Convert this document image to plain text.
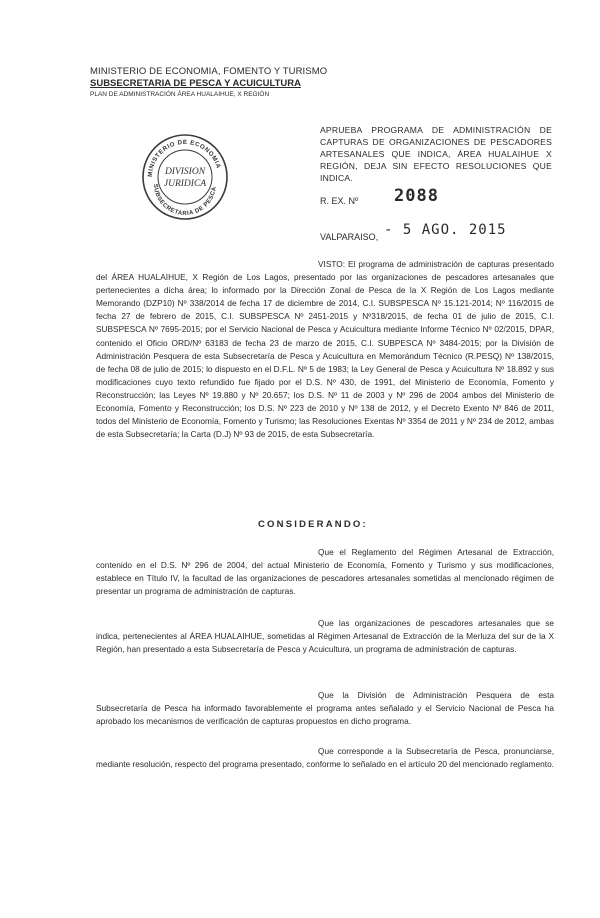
MINISTERIO DE ECONOMIA, FOMENTO Y TURISMO
SUBSECRETARIA DE PESCA Y ACUICULTURA
PLAN DE ADMINISTRACIÓN ÁREA HUALAIHUE, X REGIÓN
MINISTERIO DE ECONOMIA
SUBSECRETARIA DE PESCA
DIVISION
JURIDICA
APRUEBA PROGRAMA DE ADMINISTRACIÓN DE CAPTURAS DE ORGANIZACIONES DE PESCADORES ARTESANALES QUE INDICA, ÁREA HUALAIHUE X REGIÓN, DEJA SIN EFECTO RESOLUCIONES QUE INDICA.
R. EX. Nº 2088
VALPARAISO, - 5 AGO. 2015
VISTO: El programa de administración de capturas presentado del ÁREA HUALAIHUE, X Región de Los Lagos, presentado por las organizaciones de pescadores artesanales que pertenecientes a dicha área; lo informado por la Dirección Zonal de Pesca de la X Región de Los Lagos mediante Memorando (DZP10) Nº 338/2014 de fecha 17 de diciembre de 2014, C.I. SUBSPESCA Nº 15.121-2014; Nº 116/2015 de fecha 27 de febrero de 2015, C.I. SUBSPESCA Nº 2451-2015 y Nº318/2015, de fecha 01 de julio de 2015, C.I. SUBSPESCA Nº 7695-2015; por el Servicio Nacional de Pesca y Acuicultura mediante Informe Técnico Nº 02/2015, DPAR, contenido el Oficio ORD/Nº 63183 de fecha 23 de marzo de 2015, C.I. SUBPESCA Nº 3484-2015; por la División de Administración Pesquera de esta Subsecretaría de Pesca y Acuicultura en Memorándum Técnico (R.PESQ) Nº 138/2015, de fecha 08 de julio de 2015; lo dispuesto en el D.F.L. Nº 5 de 1983; la Ley General de Pesca y Acuicultura Nº 18.892 y sus modificaciones cuyo texto refundido fue fijado por el D.S. Nº 430, de 1991, del Ministerio de Economía, Fomento y Reconstrucción; las Leyes Nº 19.880 y Nº 20.657; los D.S. Nº 11 de 2003 y Nº 296 de 2004 ambos del Ministerio de Economía, Fomento y Reconstrucción; los D.S. Nº 223 de 2010 y Nº 138 de 2012, y el Decreto Exento Nº 846 de 2011, todos del Ministerio de Economía, Fomento y Turismo; las Resoluciones Exentas Nº 3354 de 2011 y Nº 234 de 2012, ambas de esta Subsecretaría; la Carta (D.J) Nº 93 de 2015, de esta Subsecretaría.
CONSIDERANDO:
Que el Reglamento del Régimen Artesanal de Extracción, contenido en el D.S. Nº 296 de 2004, del actual Ministerio de Economía, Fomento y Turismo y sus modificaciones, establece en Título IV, la facultad de las organizaciones de pescadores artesanales sometidas al mencionado régimen de presentar un programa de administración de capturas.
Que las organizaciones de pescadores artesanales que se indica, pertenecientes al ÁREA HUALAIHUE, sometidas al Régimen Artesanal de Extracción de la Merluza del sur de la X Región, han presentado a esta Subsecretaría de Pesca y Acuicultura, un programa de administración de capturas.
Que la División de Administración Pesquera de esta Subsecretaría de Pesca ha informado favorablemente el programa antes señalado y el Servicio Nacional de Pesca ha aprobado los mecanismos de verificación de capturas propuestos en dicho programa.
Que corresponde a la Subsecretaría de Pesca, pronunciarse, mediante resolución, respecto del programa presentado, conforme lo señalado en el artículo 20 del mencionado reglamento.
